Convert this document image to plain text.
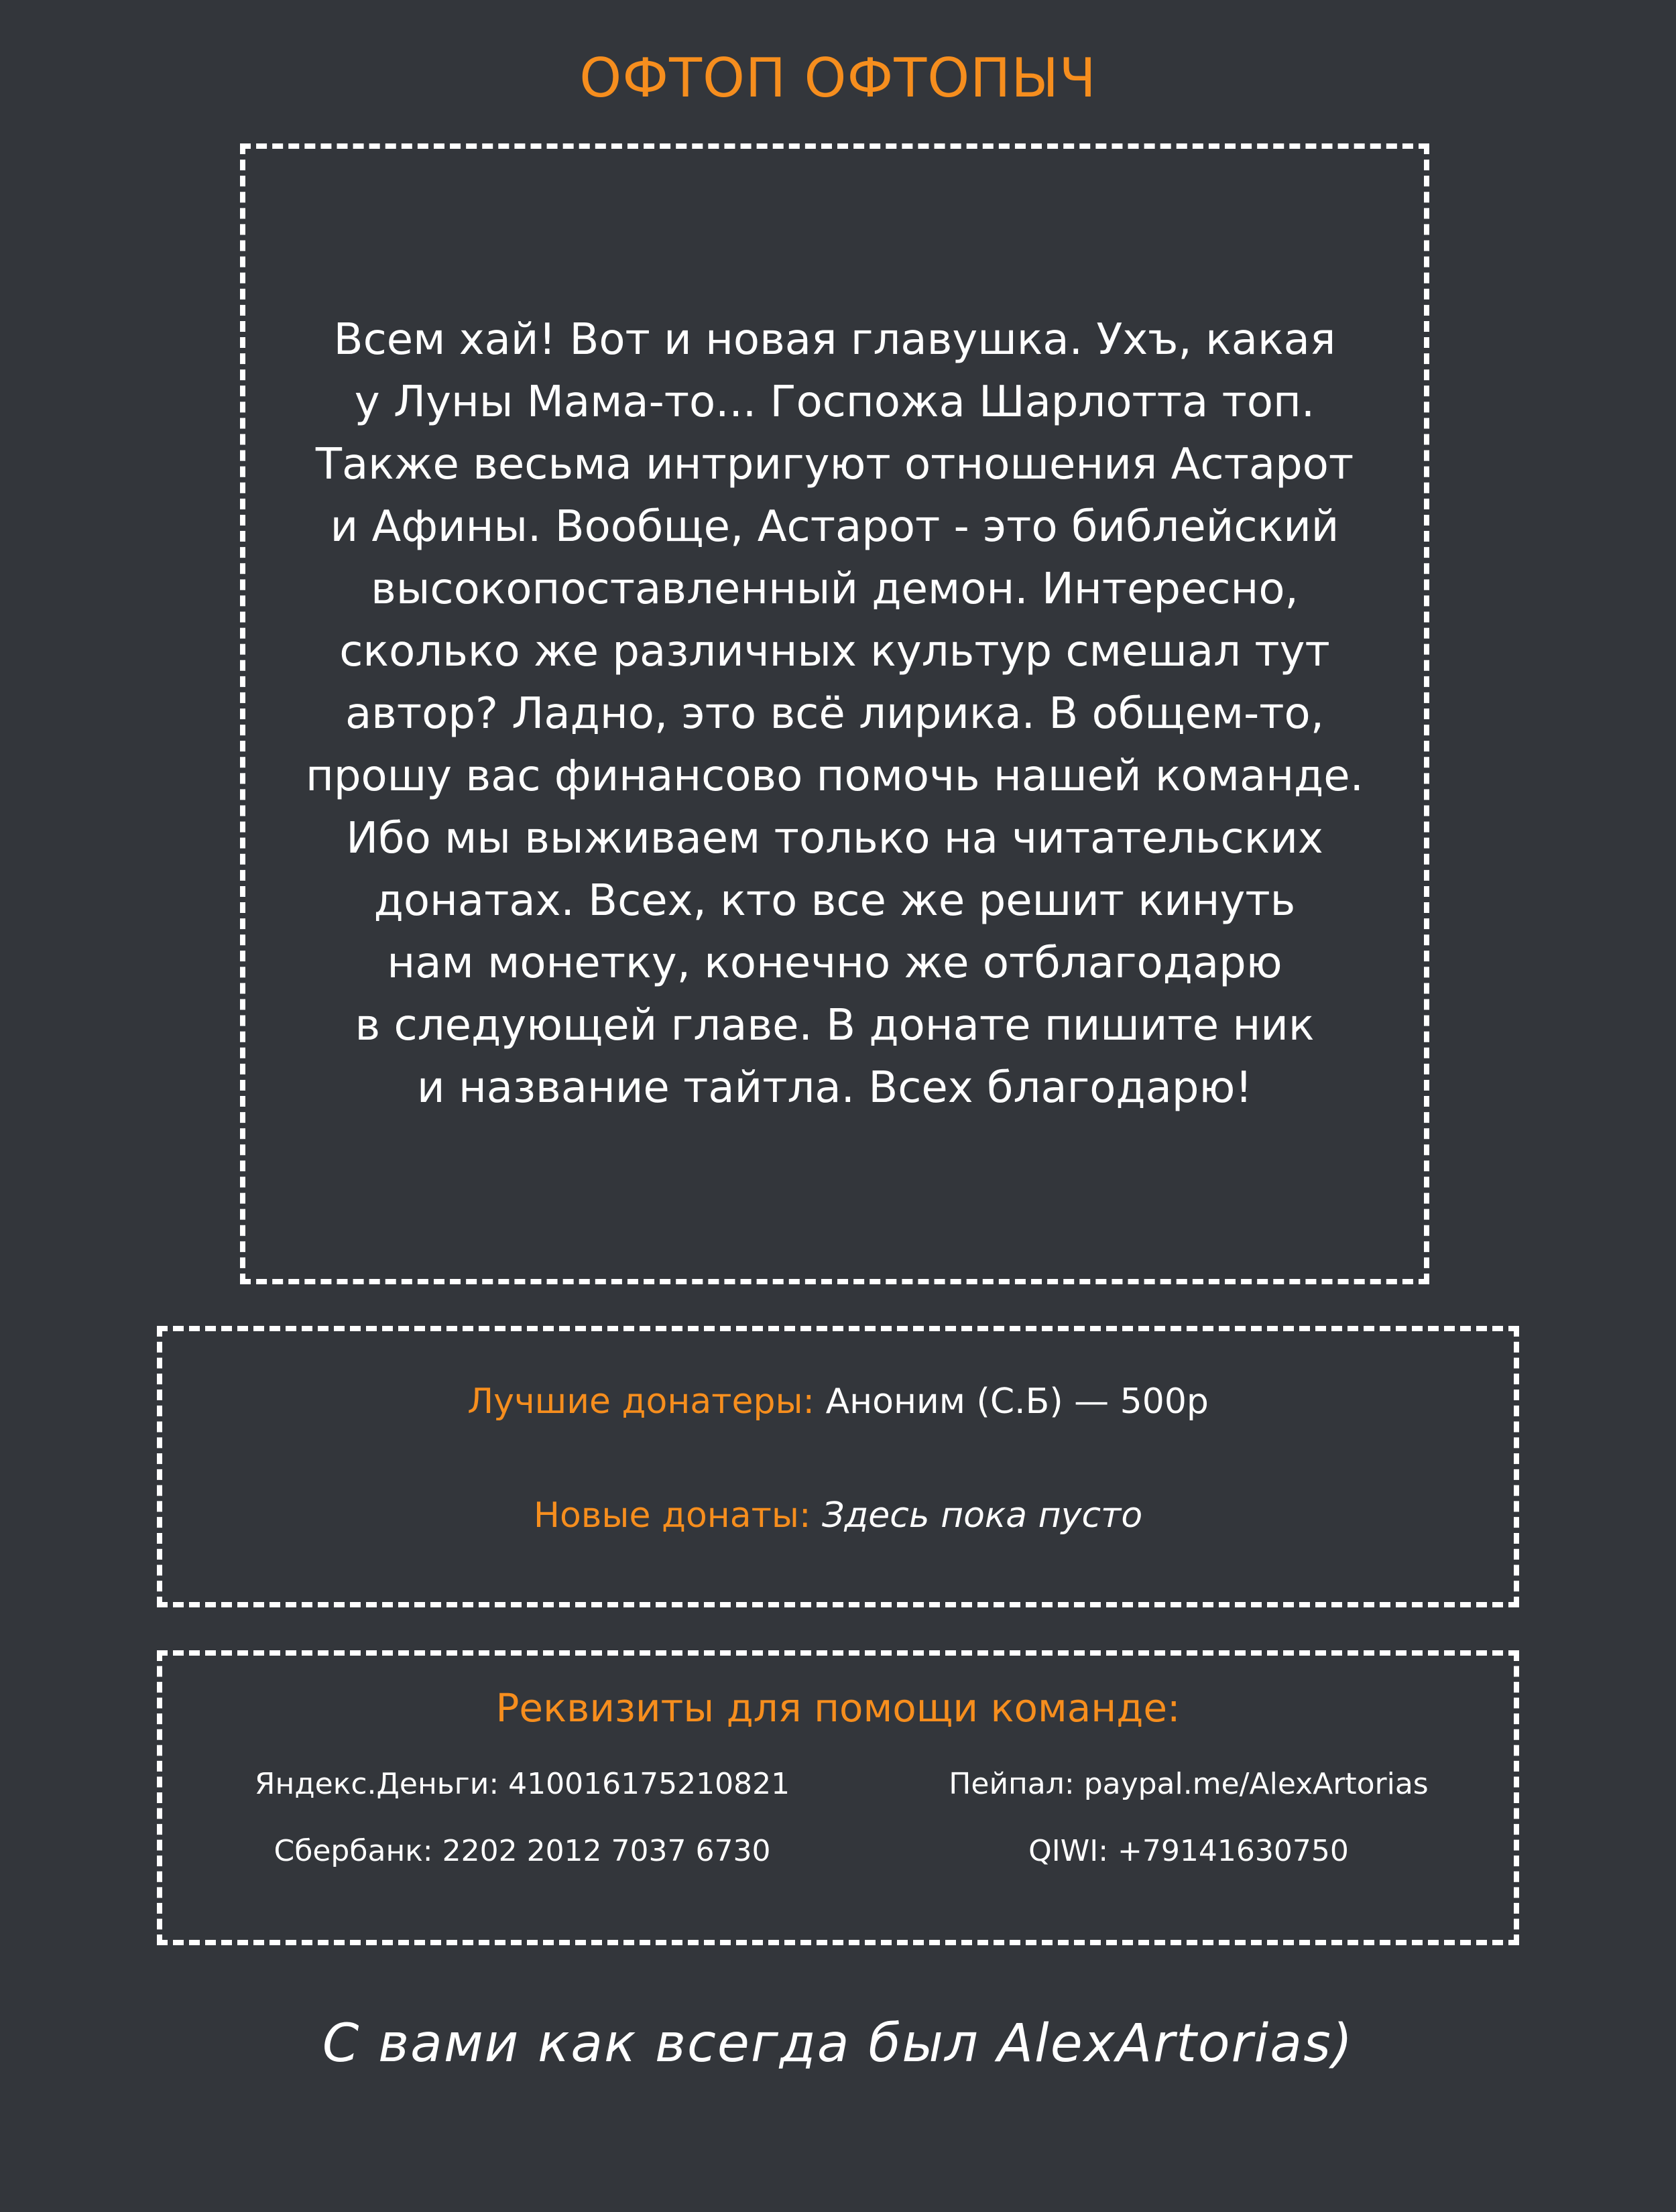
ОФТОП ОФТОПЫЧ

Всем хай! Вот и новая главушка. Ухъ, какая
у Луны Мама-то... Госпожа Шарлотта топ.
Также весьма интригуют отношения Астарот
и Афины. Вообще, Астарот - это библейский
высокопоставленный демон. Интересно,
сколько же различных культур смешал тут
автор? Ладно, это всё лирика. В общем-то,
прошу вас финансово помочь нашей команде.
Ибо мы выживаем только на читательских
донатах. Всех, кто все же решит кинуть
нам монетку, конечно же отблагодарю
в следующей главе. В донате пишите ник
и название тайтла. Всех благодарю!

Лучшие донатеры: Аноним (С.Б) — 500р
Новые донаты: Здесь пока пусто
Реквизиты для помощи команде:
Яндекс.Деньги: 410016175210821	Пейпал: paypal.me/AlexArtorias
Сбербанк: 2202 2012 7037 6730	QIWI: +79141630750
С вами как всегда был AlexArtorias)
